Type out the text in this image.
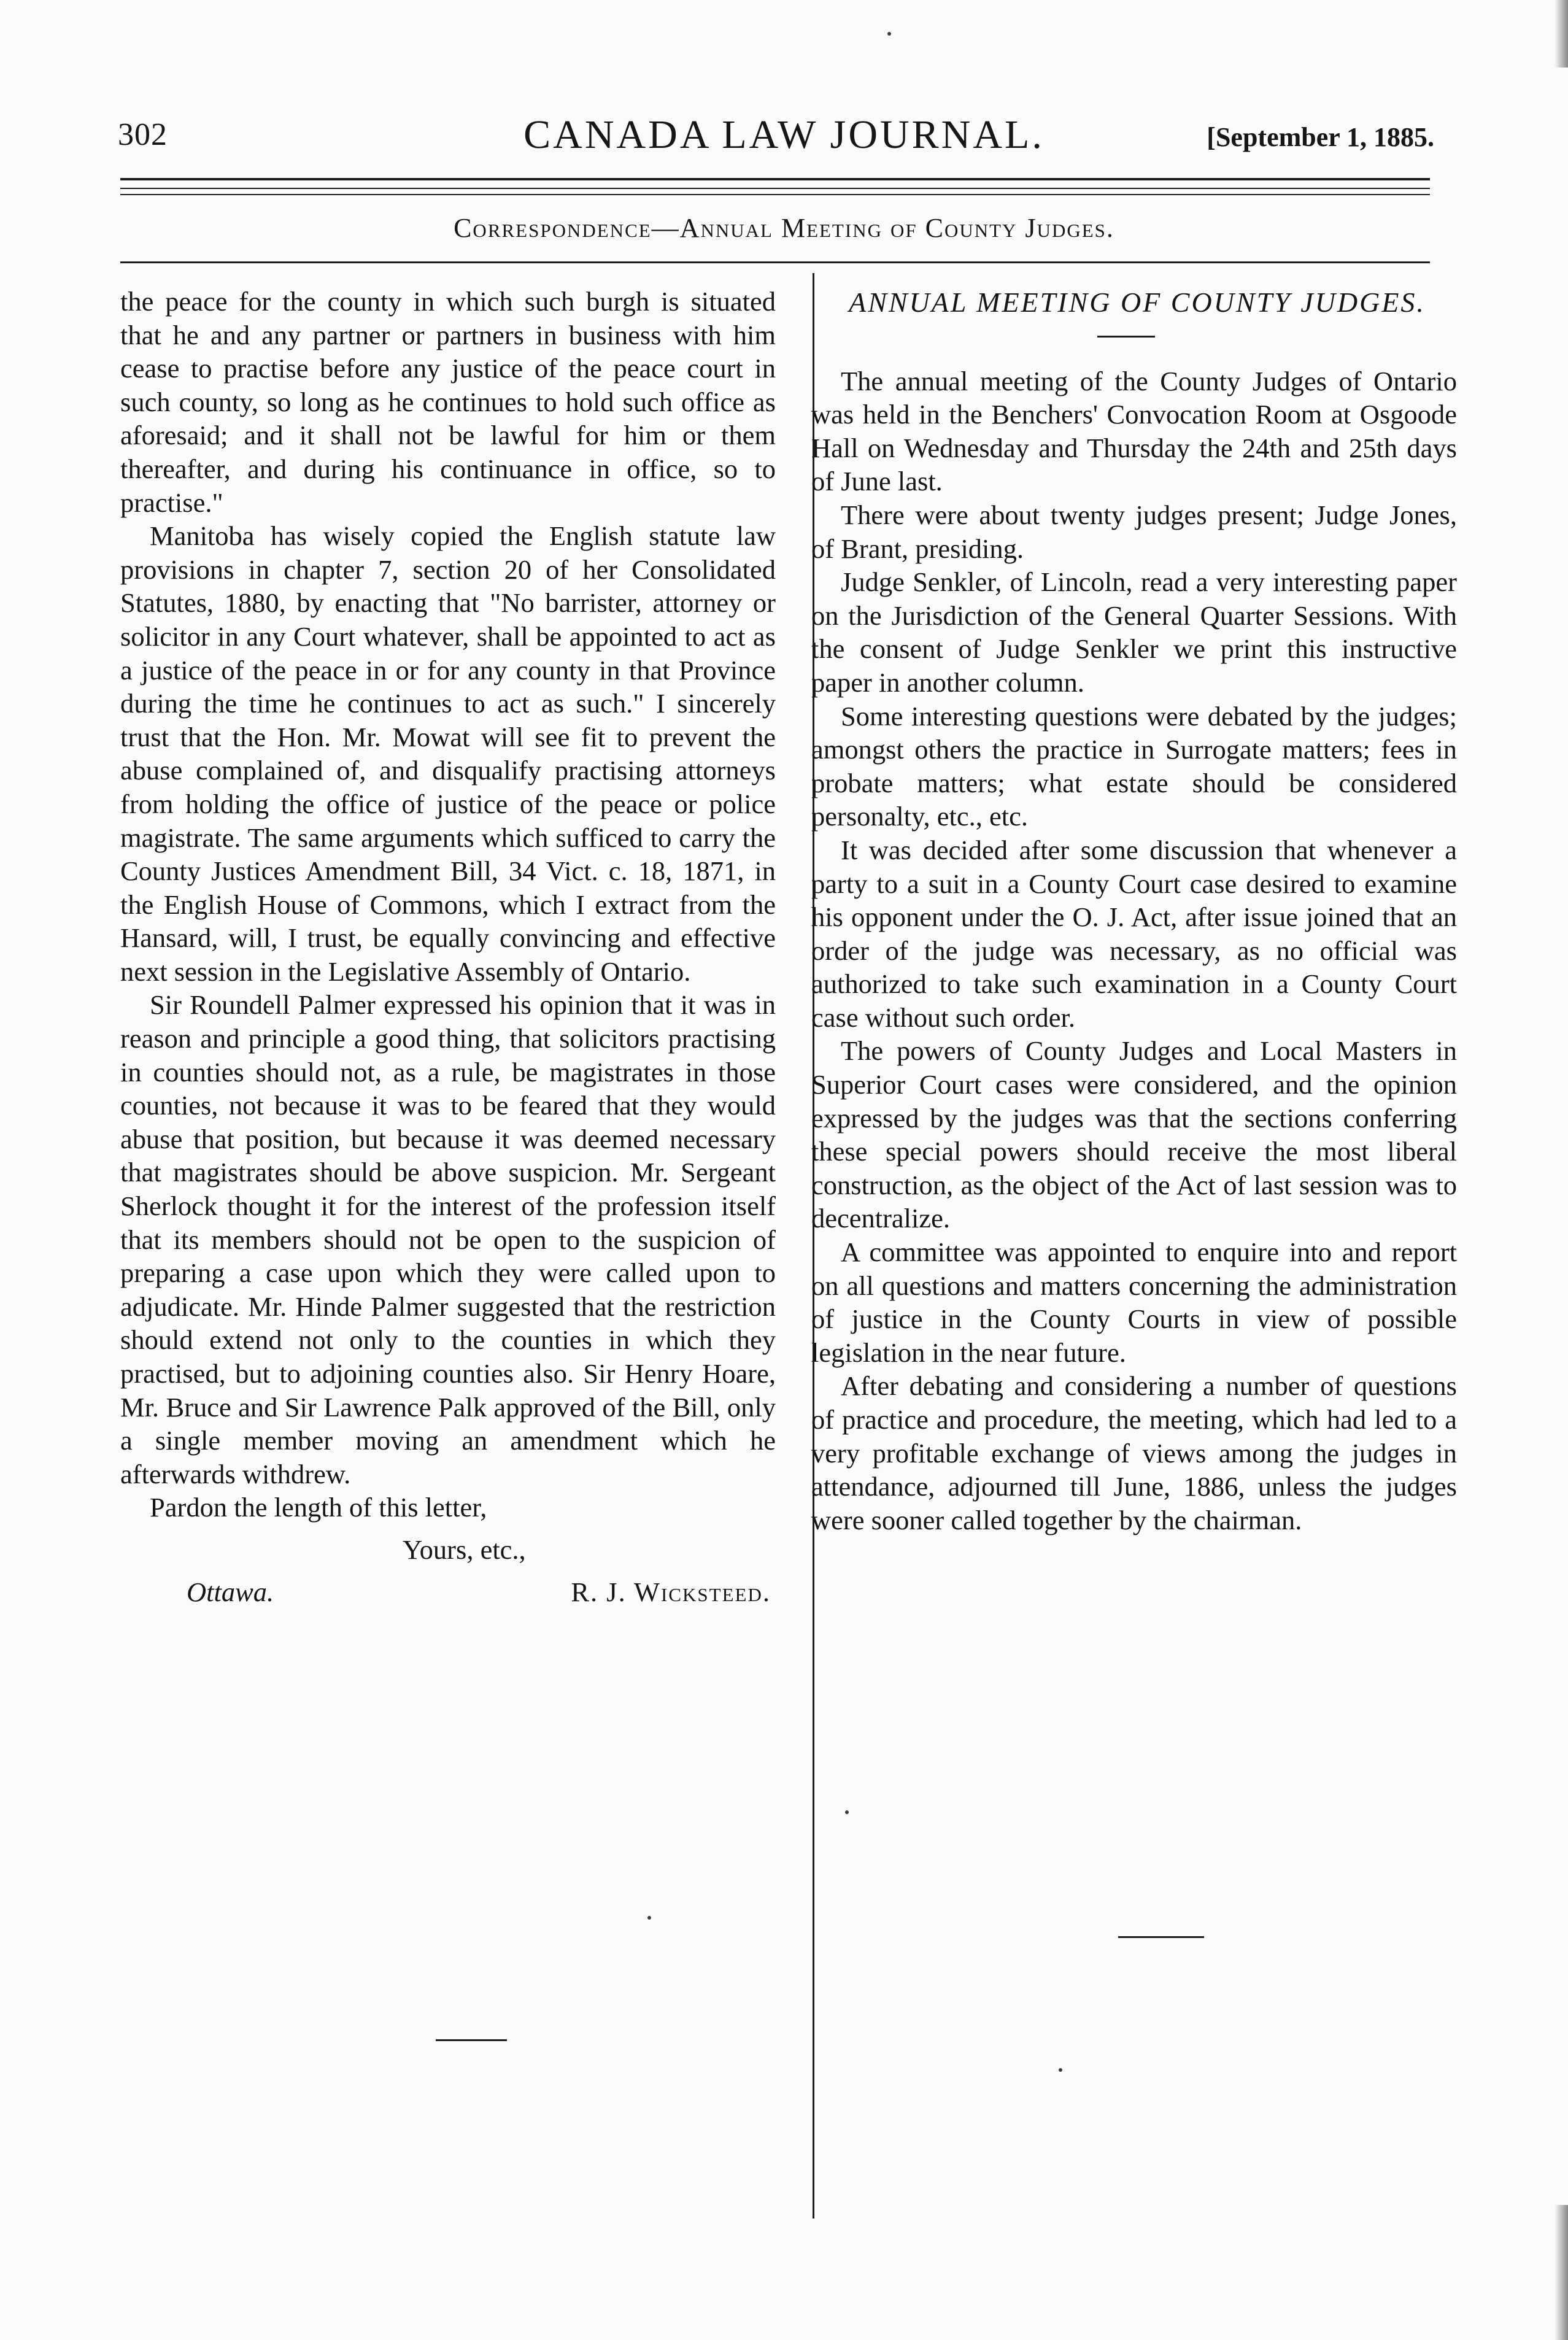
302	CANADA LAW JOURNAL.	[September 1, 1885.
Correspondence—Annual Meeting of County Judges.

the peace for the county in which such burgh is situated that he and any partner or partners in business with him cease to practise before any justice of the peace court in such county, so long as he continues to hold such office as aforesaid; and it shall not be lawful for him or them thereafter, and during his continuance in office, so to practise."

Manitoba has wisely copied the English statute law provisions in chapter 7, section 20 of her Consolidated Statutes, 1880, by enacting that "No barrister, attorney or solicitor in any Court whatever, shall be appointed to act as a justice of the peace in or for any county in that Province during the time he continues to act as such." I sincerely trust that the Hon. Mr. Mowat will see fit to prevent the abuse complained of, and disqualify practising attorneys from holding the office of justice of the peace or police magistrate. The same arguments which sufficed to carry the County Justices Amendment Bill, 34 Vict. c. 18, 1871, in the English House of Commons, which I extract from the Hansard, will, I trust, be equally convincing and effective next session in the Legislative Assembly of Ontario.

Sir Roundell Palmer expressed his opinion that it was in reason and principle a good thing, that solicitors practising in counties should not, as a rule, be magistrates in those counties, not because it was to be feared that they would abuse that position, but because it was deemed necessary that magistrates should be above suspicion. Mr. Sergeant Sherlock thought it for the interest of the profession itself that its members should not be open to the suspicion of preparing a case upon which they were called upon to adjudicate. Mr. Hinde Palmer suggested that the restriction should extend not only to the counties in which they practised, but to adjoining counties also. Sir Henry Hoare, Mr. Bruce and Sir Lawrence Palk approved of the Bill, only a single member moving an amendment which he afterwards withdrew.

Pardon the length of this letter,

Yours, etc.,

Ottawa.	R. J. Wicksteed.

ANNUAL MEETING OF COUNTY JUDGES.

The annual meeting of the County Judges of Ontario was held in the Benchers' Convocation Room at Osgoode Hall on Wednesday and Thursday the 24th and 25th days of June last.

There were about twenty judges present; Judge Jones, of Brant, presiding.

Judge Senkler, of Lincoln, read a very interesting paper on the Jurisdiction of the General Quarter Sessions. With the consent of Judge Senkler we print this instructive paper in another column.

Some interesting questions were debated by the judges; amongst others the practice in Surrogate matters; fees in probate matters; what estate should be considered personalty, etc., etc.

It was decided after some discussion that whenever a party to a suit in a County Court case desired to examine his opponent under the O. J. Act, after issue joined that an order of the judge was necessary, as no official was authorized to take such examination in a County Court case without such order.

The powers of County Judges and Local Masters in Superior Court cases were considered, and the opinion expressed by the judges was that the sections conferring these special powers should receive the most liberal construction, as the object of the Act of last session was to decentralize.

A committee was appointed to enquire into and report on all questions and matters concerning the administration of justice in the County Courts in view of possible legislation in the near future.

After debating and considering a number of questions of practice and procedure, the meeting, which had led to a very profitable exchange of views among the judges in attendance, adjourned till June, 1886, unless the judges were sooner called together by the chairman.
